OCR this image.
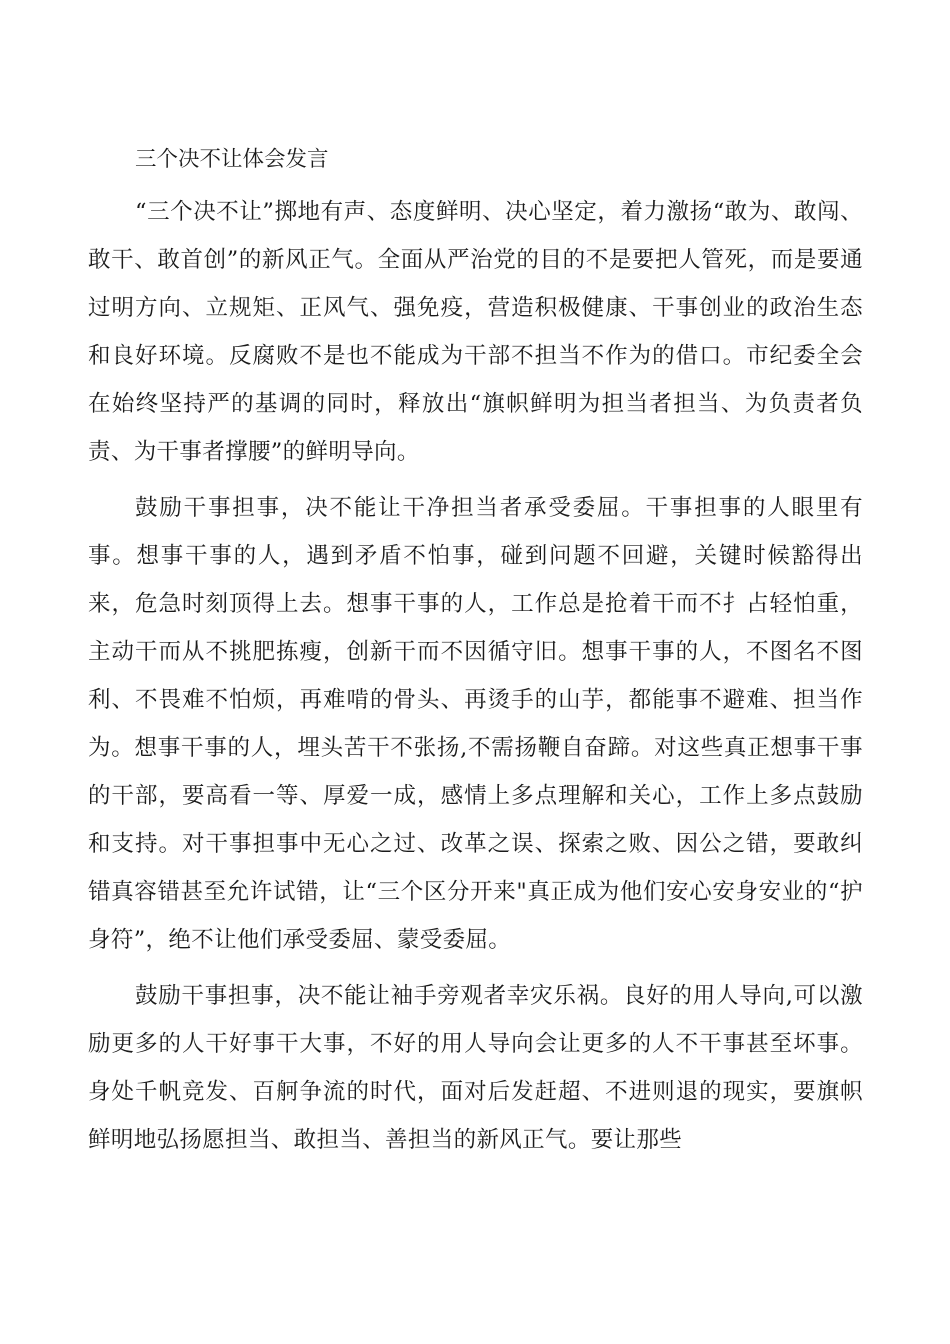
三个决不让体会发言

“三个决不让”掷地有声、态度鲜明、决心坚定，着力激扬“敢为、敢闯、敢干、敢首创”的新风正气。全面从严治党的目的不是要把人管死，而是要通过明方向、立规矩、正风气、强免疫，营造积极健康、干事创业的政治生态和良好环境。反腐败不是也不能成为干部不担当不作为的借口。市纪委全会在始终坚持严的基调的同时，释放出“旗帜鲜明为担当者担当、为负责者负责、为干事者撑腰”的鲜明导向。

鼓励干事担事，决不能让干净担当者承受委屈。干事担事的人眼里有事。想事干事的人，遇到矛盾不怕事，碰到问题不回避，关键时候豁得出来，危急时刻顶得上去。想事干事的人，工作总是抢着干而不扌占轻怕重，主动干而从不挑肥拣瘦，创新干而不因循守旧。想事干事的人，不图名不图利、不畏难不怕烦，再难啃的骨头、再烫手的山芋，都能事不避难、担当作为。想事干事的人，埋头苦干不张扬,不需扬鞭自奋蹄。对这些真正想事干事的干部，要高看一等、厚爱一成，感情上多点理解和关心，工作上多点鼓励和支持。对干事担事中无心之过、改革之误、探索之败、因公之错，要敢纠错真容错甚至允许试错，让“三个区分开来"真正成为他们安心安身安业的“护身符”，绝不让他们承受委屈、蒙受委屈。

鼓励干事担事，决不能让袖手旁观者幸灾乐祸。良好的用人导向,可以激励更多的人干好事干大事，不好的用人导向会让更多的人不干事甚至坏事。身处千帆竞发、百舸争流的时代，面对后发赶超、不进则退的现实，要旗帜鲜明地弘扬愿担当、敢担当、善担当的新风正气。要让那些
